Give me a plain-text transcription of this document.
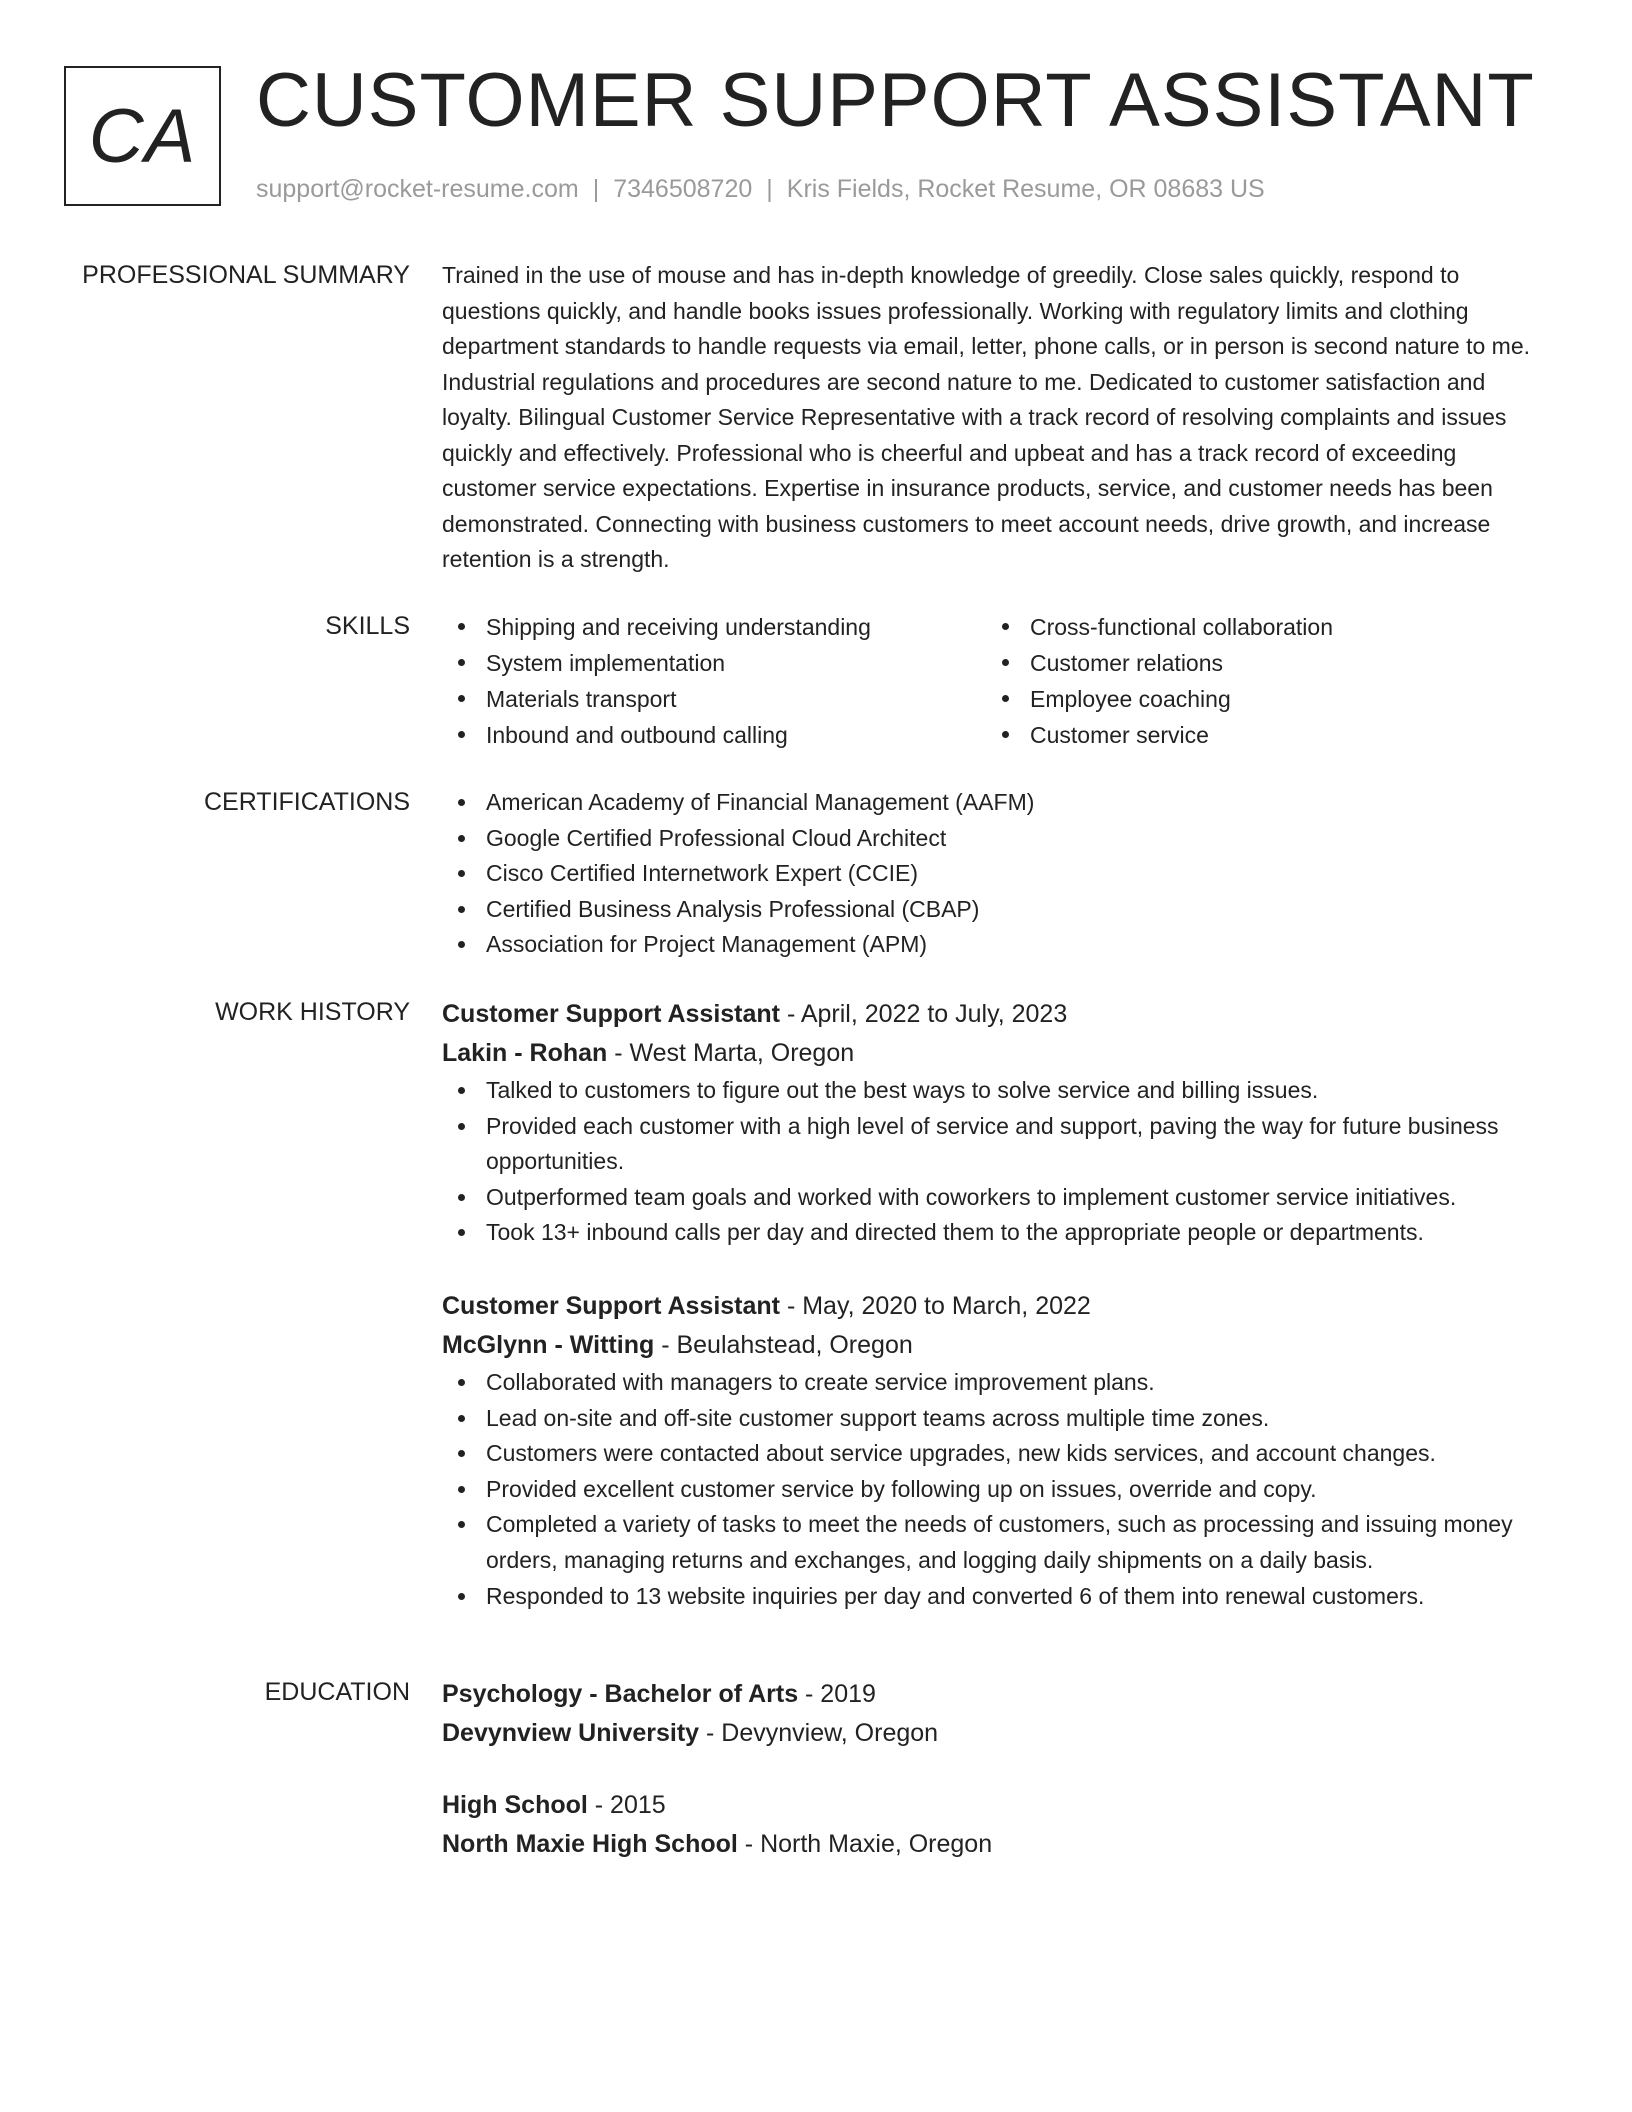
CA CUSTOMER SUPPORT ASSISTANT
support@rocket-resume.com | 7346508720 | Kris Fields, Rocket Resume, OR 08683 US
PROFESSIONAL SUMMARY Trained in the use of mouse and has in-depth knowledge of greedily. Close sales quickly, respond to questions quickly, and handle books issues professionally. Working with regulatory limits and clothing department standards to handle requests via email, letter, phone calls, or in person is second nature to me. Industrial regulations and procedures are second nature to me. Dedicated to customer satisfaction and loyalty. Bilingual Customer Service Representative with a track record of resolving complaints and issues quickly and effectively. Professional who is cheerful and upbeat and has a track record of exceeding customer service expectations. Expertise in insurance products, service, and customer needs has been demonstrated. Connecting with business customers to meet account needs, drive growth, and increase retention is a strength.

SKILLS	Shipping and receiving understanding
System implementation
Materials transport
Inbound and outbound calling
Cross-functional collaboration
Customer relations
Employee coaching
Customer service
CERTIFICATIONS	American Academy of Financial Management (AAFM)
Google Certified Professional Cloud Architect
Cisco Certified Internetwork Expert (CCIE)
Certified Business Analysis Professional (CBAP)
Association for Project Management (APM)
WORK HISTORY Customer Support Assistant - April, 2022 to July, 2023
Lakin - Rohan - West Marta, Oregon
Talked to customers to figure out the best ways to solve service and billing issues.
Provided each customer with a high level of service and support, paving the way for future business opportunities.
Outperformed team goals and worked with coworkers to implement customer service initiatives.
Took 13+ inbound calls per day and directed them to the appropriate people or departments.
Customer Support Assistant - May, 2020 to March, 2022
McGlynn - Witting - Beulahstead, Oregon
Collaborated with managers to create service improvement plans.
Lead on-site and off-site customer support teams across multiple time zones.
Customers were contacted about service upgrades, new kids services, and account changes.
Provided excellent customer service by following up on issues, override and copy.
Completed a variety of tasks to meet the needs of customers, such as processing and issuing money orders, managing returns and exchanges, and logging daily shipments on a daily basis.
Responded to 13 website inquiries per day and converted 6 of them into renewal customers.
EDUCATION Psychology - Bachelor of Arts - 2019
Devynview University - Devynview, Oregon
High School - 2015
North Maxie High School - North Maxie, Oregon
